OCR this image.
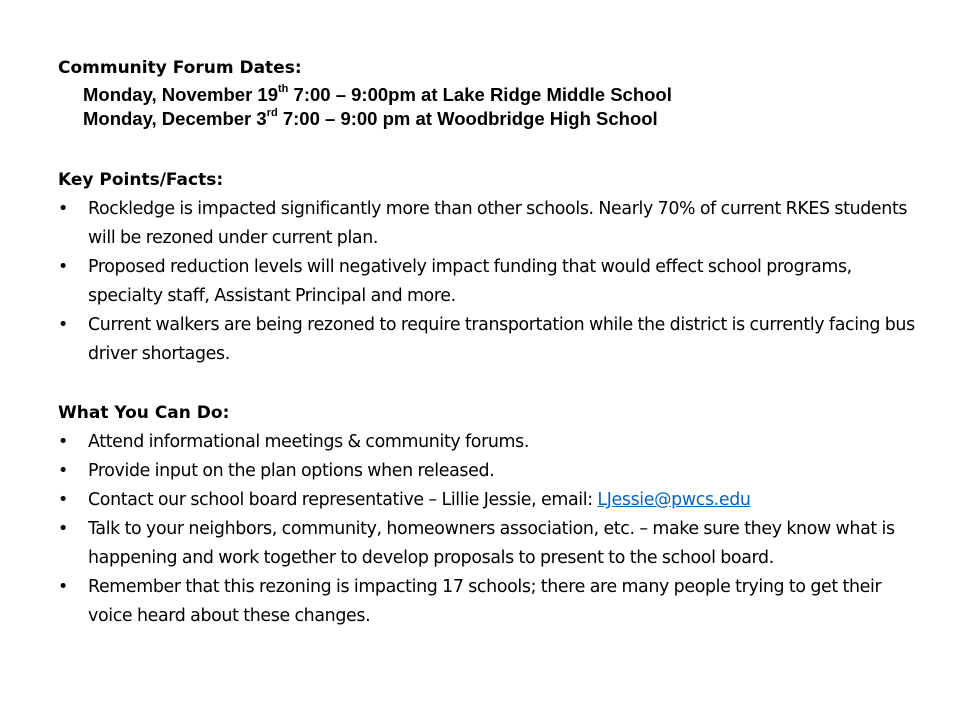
Community Forum Dates:

Monday, November 19th 7:00 – 9:00pm at Lake Ridge Middle School
Monday, December 3rd 7:00 – 9:00 pm at Woodbridge High School

Key Points/Facts:

• Rockledge is impacted significantly more than other schools. Nearly 70% of current RKES students will be rezoned under current plan.
• Proposed reduction levels will negatively impact funding that would effect school programs, specialty staff, Assistant Principal and more.
• Current walkers are being rezoned to require transportation while the district is currently facing bus driver shortages.

What You Can Do:

• Attend informational meetings & community forums.
• Provide input on the plan options when released.
• Contact our school board representative – Lillie Jessie, email: LJessie@pwcs.edu
• Talk to your neighbors, community, homeowners association, etc. – make sure they know what is happening and work together to develop proposals to present to the school board.
• Remember that this rezoning is impacting 17 schools; there are many people trying to get their voice heard about these changes.
